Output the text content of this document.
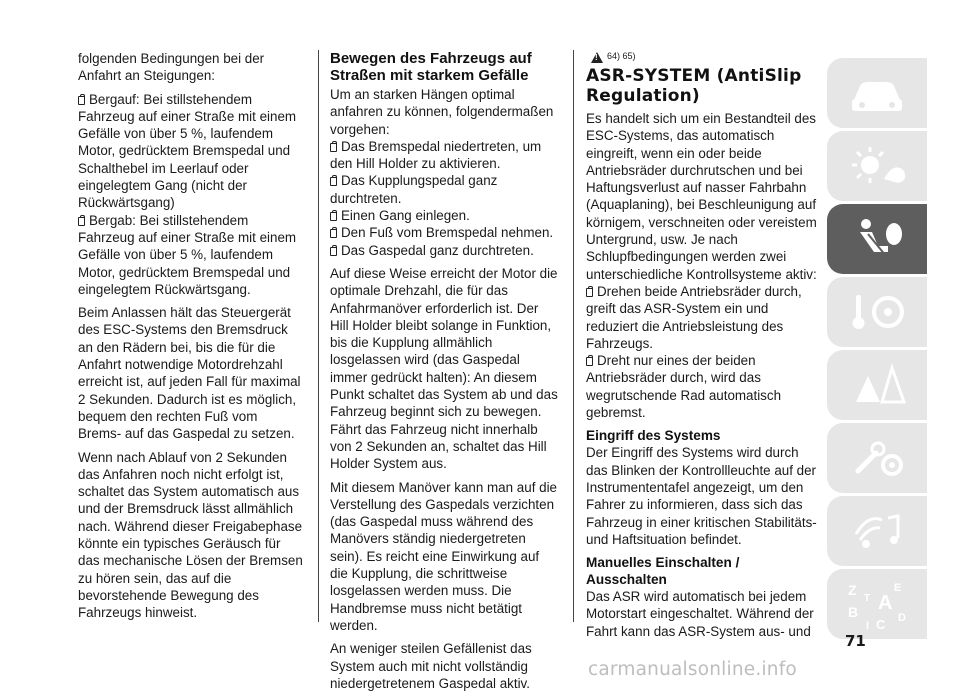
folgenden Bedingungen bei der Anfahrt an Steigungen:

Bergauf: Bei stillstehendem Fahrzeug auf einer Straße mit einem Gefälle von über 5 %, laufendem Motor, gedrücktem Bremspedal und Schalthebel im Leerlauf oder eingelegtem Gang (nicht der Rückwärtsgang)

Bergab: Bei stillstehendem Fahrzeug auf einer Straße mit einem Gefälle von über 5 %, laufendem Motor, gedrücktem Bremspedal und eingelegtem Rückwärtsgang.

Beim Anlassen hält das Steuergerät des ESC-Systems den Bremsdruck an den Rädern bei, bis die für die Anfahrt notwendige Motordrehzahl erreicht ist, auf jeden Fall für maximal 2 Sekunden. Dadurch ist es möglich, bequem den rechten Fuß vom Brems- auf das Gaspedal zu setzen.

Wenn nach Ablauf von 2 Sekunden das Anfahren noch nicht erfolgt ist, schaltet das System automatisch aus und der Bremsdruck lässt allmählich nach. Während dieser Freigabephase könnte ein typisches Geräusch für das mechanische Lösen der Bremsen zu hören sein, das auf die bevorstehende Bewegung des Fahrzeugs hinweist.

Bewegen des Fahrzeugs auf Straßen mit starkem Gefälle

Um an starken Hängen optimal anfahren zu können, folgendermaßen vorgehen:

Das Bremspedal niedertreten, um den Hill Holder zu aktivieren.

Das Kupplungspedal ganz durchtreten.

Einen Gang einlegen.

Den Fuß vom Bremspedal nehmen.

Das Gaspedal ganz durchtreten.

Auf diese Weise erreicht der Motor die optimale Drehzahl, die für das Anfahrmanöver erforderlich ist. Der Hill Holder bleibt solange in Funktion, bis die Kupplung allmählich losgelassen wird (das Gaspedal immer gedrückt halten): An diesem Punkt schaltet das System ab und das Fahrzeug beginnt sich zu bewegen. Fährt das Fahrzeug nicht innerhalb von 2 Sekunden an, schaltet das Hill Holder System aus.

Mit diesem Manöver kann man auf die Verstellung des Gaspedals verzichten (das Gaspedal muss während des Manövers ständig niedergetreten sein). Es reicht eine Einwirkung auf die Kupplung, die schrittweise losgelassen werden muss. Die Handbremse muss nicht betätigt werden.

An weniger steilen Gefällenist das System auch mit nicht vollständig niedergetretenem Gaspedal aktiv.

!
64) 65)
ASR-SYSTEM (AntiSlip Regulation)

Es handelt sich um ein Bestandteil des ESC-Systems, das automatisch eingreift, wenn ein oder beide Antriebsräder durchrutschen und bei Haftungsverlust auf nasser Fahrbahn (Aquaplaning), bei Beschleunigung auf körnigem, verschneiten oder vereistem Untergrund, usw. Je nach Schlupfbedingungen werden zwei unterschiedliche Kontrollsysteme aktiv:

Drehen beide Antriebsräder durch, greift das ASR-System ein und reduziert die Antriebsleistung des Fahrzeugs.

Dreht nur eines der beiden Antriebsräder durch, wird das wegrutschende Rad automatisch gebremst.

Eingriff des Systems

Der Eingriff des Systems wird durch das Blinken der Kontrollleuchte auf der Instrumententafel angezeigt, um den Fahrer zu informieren, dass sich das Fahrzeug in einer kritischen Stabilitäts- und Haftsituation befindet.

Manuelles Einschalten / Ausschalten

Das ASR wird automatisch bei jedem Motorstart eingeschaltet. Während der Fahrt kann das ASR-System aus- und

Z	E
B A
I C D
T
71
carmanualsonline.info
